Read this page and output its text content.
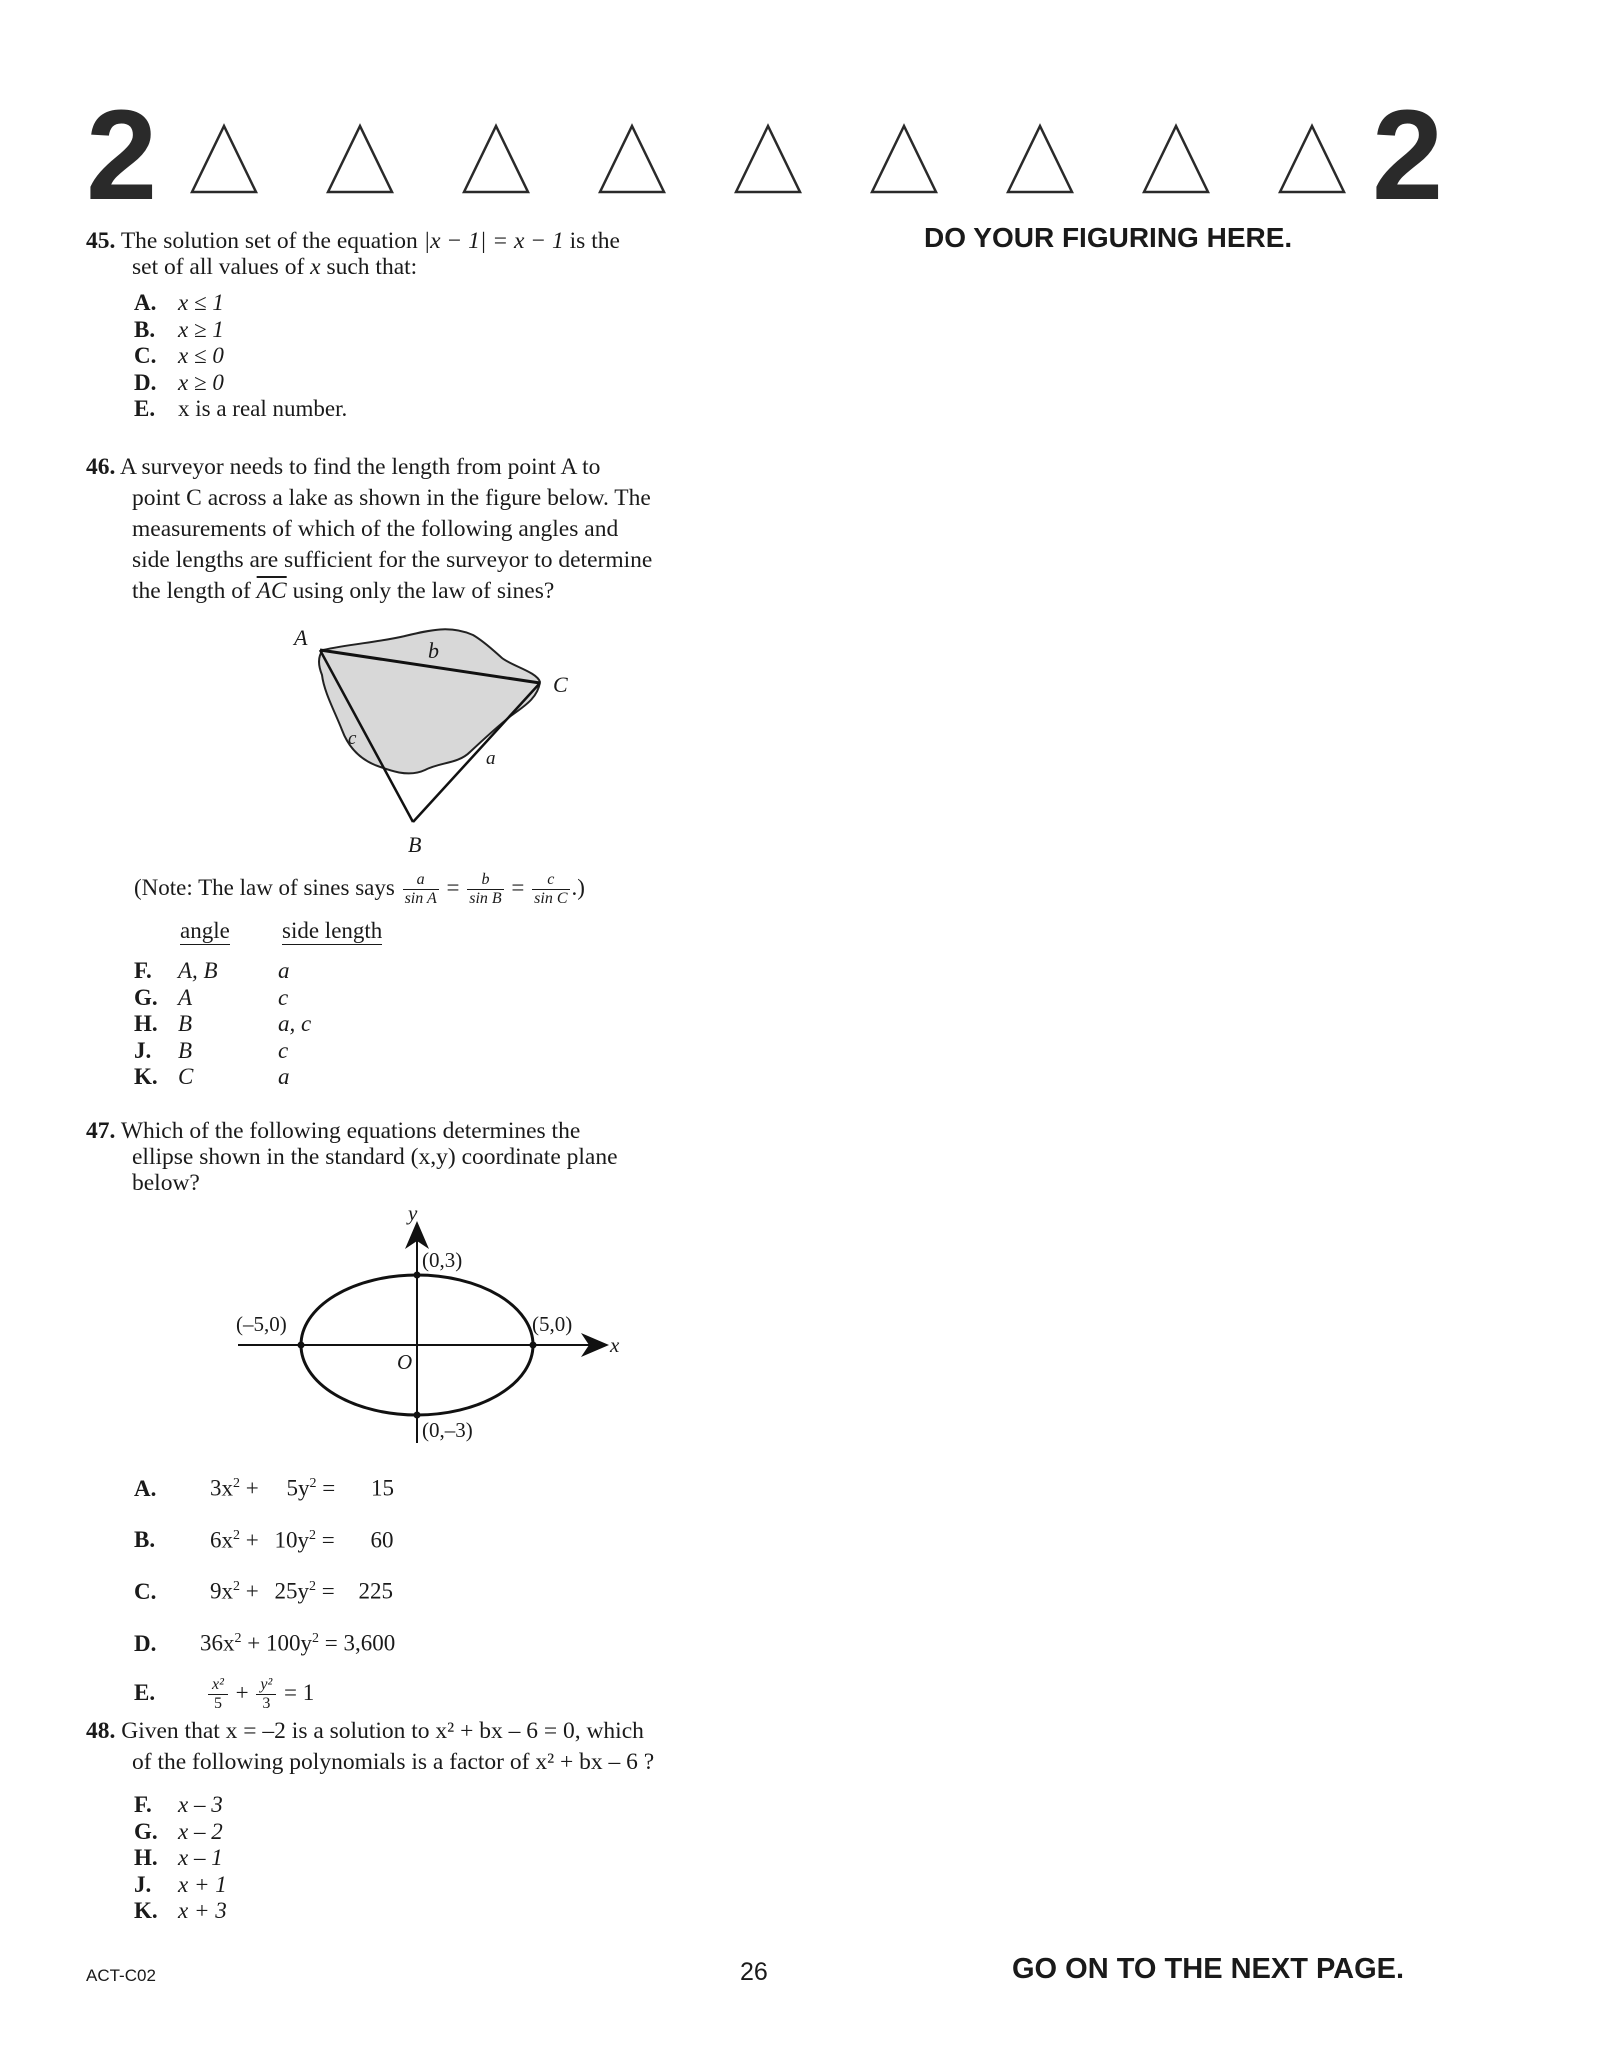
2	2
DO YOUR FIGURING HERE.
45. The solution set of the equation |x − 1| = x − 1 is the
set of all values of x such that:
A. x ≤ 1
B. x ≥ 1
C. x ≤ 0
D. x ≥ 0
E. x is a real number.
46. A surveyor needs to find the length from point A to
point C across a lake as shown in the figure below. The
measurements of which of the following angles and
side lengths are sufficient for the surveyor to determine
the length of $\overline{AC}$ using only the law of sines?
A
b
C
c
a
B
(Note: The law of sines says $\frac{a}{\text{sin A}} = \frac{b}{\text{sin B}} = \frac{c}{\text{sin C}}$ .)
angle side length
F. A, B	a
G. A	c
H. B	a, c
J. B	c
K. C	a
47. Which of the following equations determines the
ellipse shown in the standard (x,y) coordinate plane
below?
y
x
O
(0,3)
(0,–3)
(–5,0)	(5,0)
A. $3x^2 + 5y^2 = 15$
B. $6x^2 + 10y^2 = 60$
C. $9x^2 + 25y^2 = 225$
D. $36x^2 + 100y^2 = 3,600$
E.	$\frac{\text{x²}}{5} + \frac{\text{y²}}{3} = 1$
48. Given that x = –2 is a solution to x² + bx – 6 = 0, which
of the following polynomials is a factor of x² + bx – 6 ?
F. x – 3
G. x – 2
H. x – 1
J. x + 1
K. x + 3
ACT-C02	26	GO ON TO THE NEXT PAGE.
